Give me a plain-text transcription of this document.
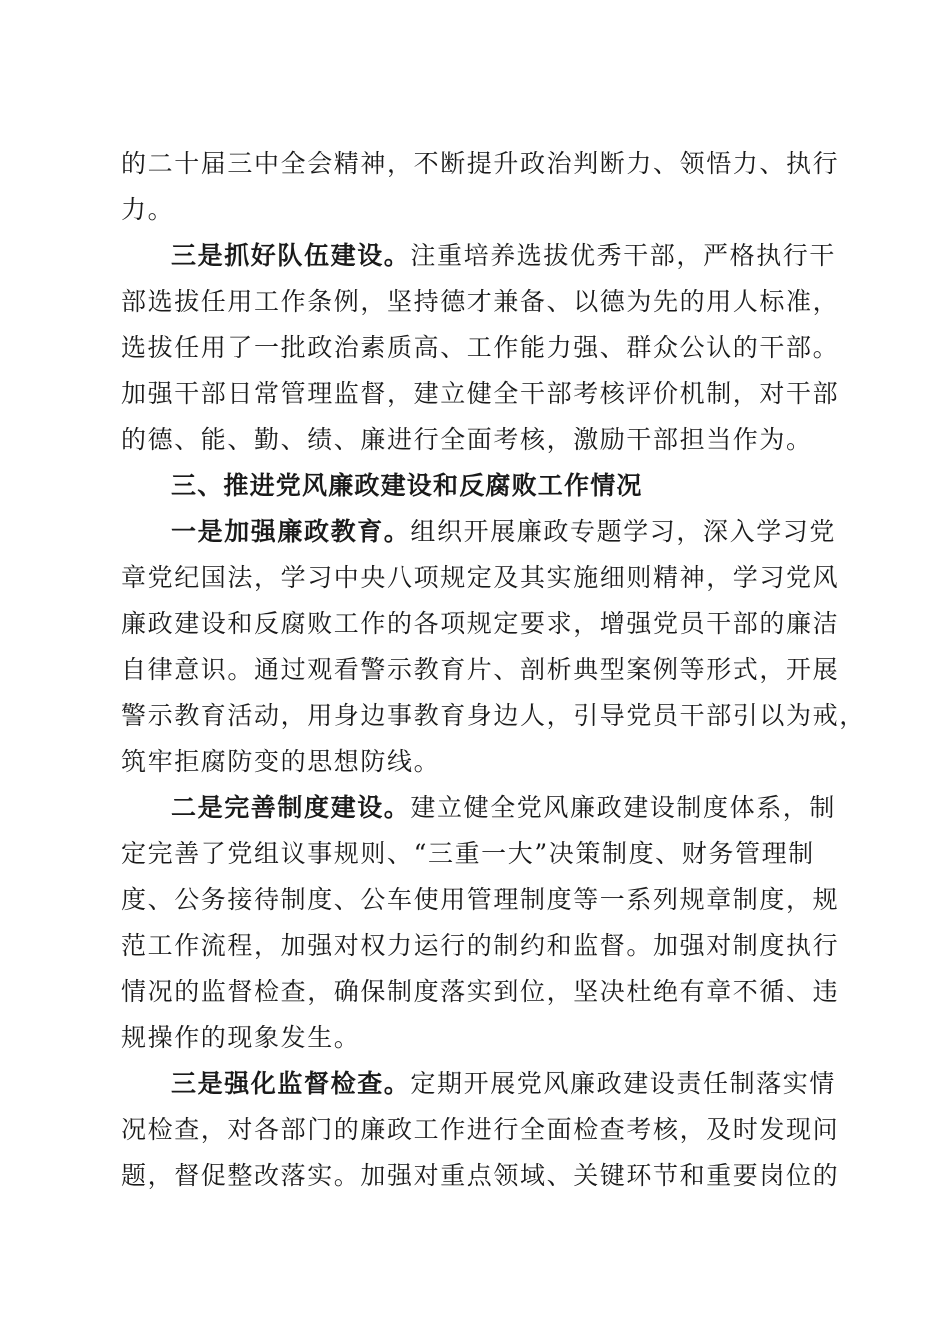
的二十届三中全会精神，不断提升政治判断力、领悟力、执行
力。
三是抓好队伍建设。注重培养选拔优秀干部，严格执行干
部选拔任用工作条例，坚持德才兼备、以德为先的用人标准，
选拔任用了一批政治素质高、工作能力强、群众公认的干部。
加强干部日常管理监督，建立健全干部考核评价机制，对干部
的德、能、勤、绩、廉进行全面考核，激励干部担当作为。
三、推进党风廉政建设和反腐败工作情况
一是加强廉政教育。组织开展廉政专题学习，深入学习党
章党纪国法，学习中央八项规定及其实施细则精神，学习党风
廉政建设和反腐败工作的各项规定要求，增强党员干部的廉洁
自律意识。通过观看警示教育片、剖析典型案例等形式，开展
警示教育活动，用身边事教育身边人，引导党员干部引以为戒，
筑牢拒腐防变的思想防线。
二是完善制度建设。建立健全党风廉政建设制度体系，制
定完善了党组议事规则、“三重一大”决策制度、财务管理制
度、公务接待制度、公车使用管理制度等一系列规章制度，规
范工作流程，加强对权力运行的制约和监督。加强对制度执行
情况的监督检查，确保制度落实到位，坚决杜绝有章不循、违
规操作的现象发生。
三是强化监督检查。定期开展党风廉政建设责任制落实情
况检查，对各部门的廉政工作进行全面检查考核，及时发现问
题，督促整改落实。加强对重点领域、关键环节和重要岗位的
